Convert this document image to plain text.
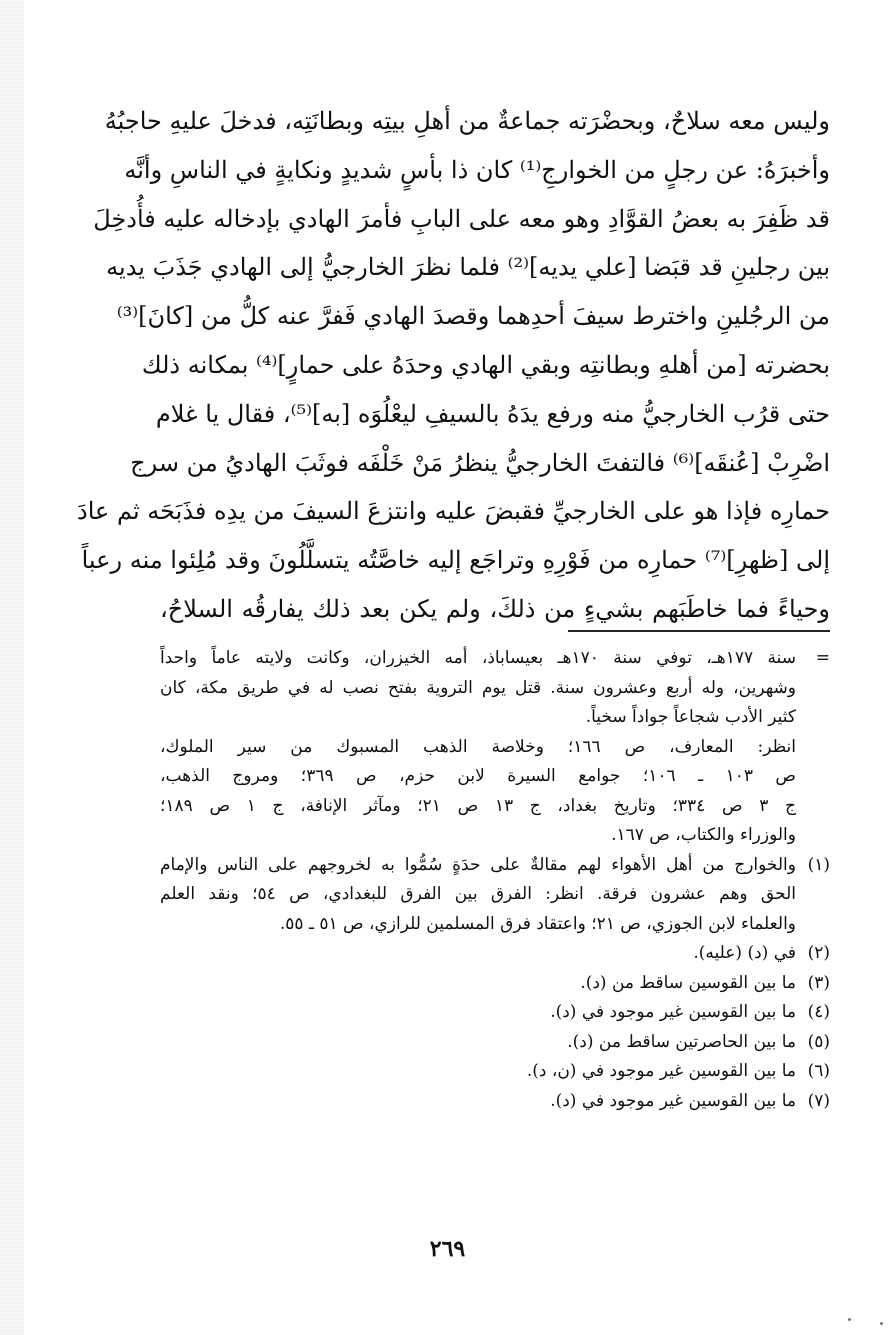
وليس معه سلاحٌ، وبحضْرَته جماعةٌ من أهلِ بيتِه وبطانَتِه، فدخلَ عليهِ حاجبُهُ
وأخبرَهُ: عن رجلٍ من الخوارجِ⁽¹⁾ كان ذا بأسٍ شديدٍ ونكايةٍ في الناسِ وأنَّه
قد ظَفِرَ به بعضُ القوَّادِ وهو معه على البابِ فأمرَ الهادي بإدخاله عليه فأُدخِلَ
بين رجلينِ قد قبَضا [علي يديه]⁽²⁾ فلما نظرَ الخارجيُّ إلى الهادي جَذَبَ يديه
من الرجُلينِ واخترط سيفَ أحدِهما وقصدَ الهادي فَفرَّ عنه كلُّ من [كانَ]⁽³⁾
بحضرته [من أهلهِ وبطانتِه وبقي الهادي وحدَهُ على حمارٍ]⁽⁴⁾ بمكانه ذلك
حتى قرُب الخارجيُّ منه ورفع يدَهُ بالسيفِ ليعْلُوَه [به]⁽⁵⁾، فقال يا غلام
اضْرِبْ [عُنقَه]⁽⁶⁾ فالتفتَ الخارجيُّ ينظرُ مَنْ خَلْفَه فوثَبَ الهاديُ من سرج
حمارِه فإذا هو على الخارجيِّ فقبضَ عليه وانتزعَ السيفَ من يدِه فذَبَحَه ثم عادَ
إلى [ظهرِ]⁽⁷⁾ حمارِه من فَوْرِهِ وتراجَع إليه خاصَّتُه يتسلَّلُونَ وقد مُلِئوا منه رعباً
وحياءً فما خاطَبَهم بشيءٍ من ذلكَ، ولم يكن بعد ذلك يفارقُه السلاحُ،
=
سنة ١٧٧هـ، توفي سنة ١٧٠هـ بعيساباذ، أمه الخيزران، وكانت ولايته عاماً واحداً
وشهرين، وله أربع وعشرون سنة. قتل يوم التروية بفتح نصب له في طريق مكة، كان
كثير الأدب شجاعاً جواداً سخياً.
انظر: المعارف، ص ١٦٦؛ وخلاصة الذهب المسبوك من سير الملوك،
ص ١٠٣ ـ ١٠٦؛ جوامع السيرة لابن حزم، ص ٣٦٩؛ ومروج الذهب،
ج ٣ ص ٣٣٤؛ وتاريخ بغداد، ج ١٣ ص ٢١؛ ومآثر الإنافة، ج ١ ص ١٨٩؛
والوزراء والكتاب، ص ١٦٧.
(١)
والخوارج من أهل الأهواء لهم مقالةٌ على حدَةٍ سُمُّوا به لخروجهم على الناس والإمام
الحق وهم عشرون فرقة. انظر: الفرق بين الفرق للبغدادي، ص ٥٤؛ ونقد العلم
والعلماء لابن الجوزي، ص ٢١؛ واعتقاد فرق المسلمين للرازي، ص ٥١ ـ ٥٥.
(٢)
في (د) (عليه).
(٣)
ما بين القوسين ساقط من (د).
(٤)
ما بين القوسين غير موجود في (د).
(٥)
ما بين الحاصرتين ساقط من (د).
(٦)
ما بين القوسين غير موجود في (ن، د).
(٧)
ما بين القوسين غير موجود في (د).
٢٦٩
